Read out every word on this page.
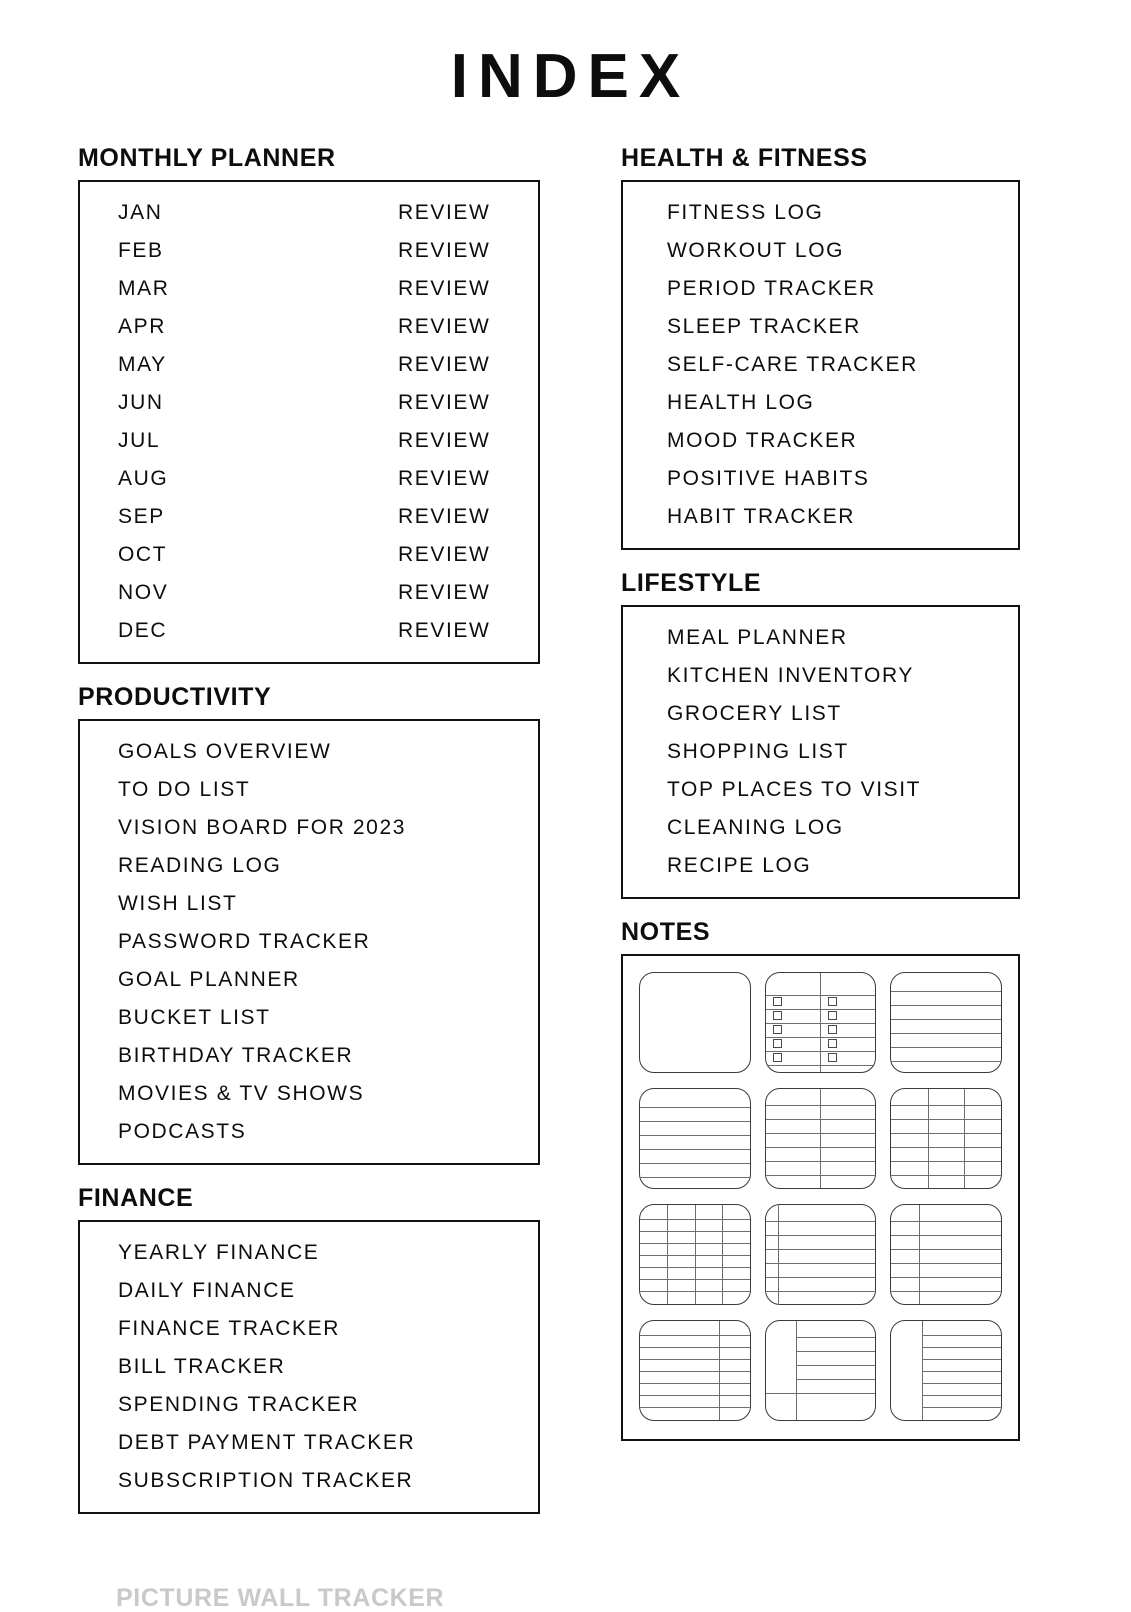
INDEX
MONTHLY PLANNER
JAN	REVIEW
FEB	REVIEW
MAR	REVIEW
APR	REVIEW
MAY	REVIEW
JUN	REVIEW
JUL	REVIEW
AUG	REVIEW
SEP	REVIEW
OCT	REVIEW
NOV	REVIEW
DEC	REVIEW
PRODUCTIVITY
GOALS OVERVIEW
TO DO LIST
VISION BOARD FOR 2023
READING LOG
WISH LIST
PASSWORD TRACKER
GOAL PLANNER
BUCKET LIST
BIRTHDAY TRACKER
MOVIES & TV SHOWS
PODCASTS
FINANCE
YEARLY FINANCE
DAILY FINANCE
FINANCE TRACKER
BILL TRACKER
SPENDING TRACKER
DEBT PAYMENT TRACKER
SUBSCRIPTION TRACKER
HEALTH & FITNESS
FITNESS LOG
WORKOUT LOG
PERIOD TRACKER
SLEEP TRACKER
SELF-CARE TRACKER
HEALTH LOG
MOOD TRACKER
POSITIVE HABITS
HABIT TRACKER
LIFESTYLE
MEAL PLANNER
KITCHEN INVENTORY
GROCERY LIST
SHOPPING LIST
TOP PLACES TO VISIT
CLEANING LOG
RECIPE LOG
NOTES
PICTURE WALL TRACKER
